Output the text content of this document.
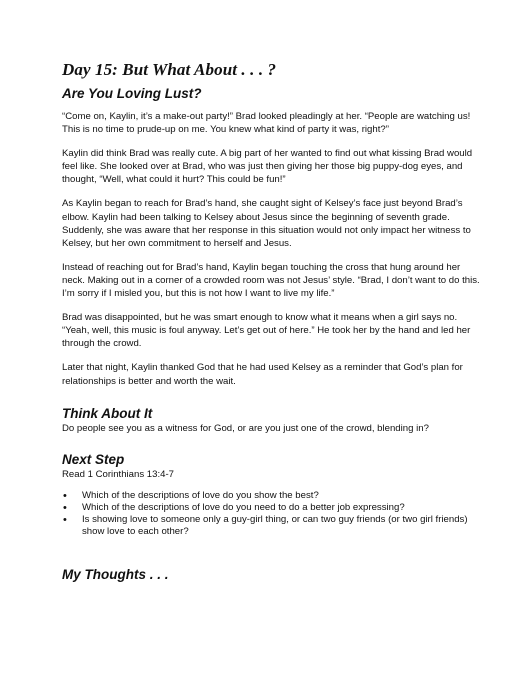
Day 15: But What About . . . ?
Are You Loving Lust?

“Come on, Kaylin, it’s a make-out party!” Brad looked pleadingly at her. “People are watching us! This is no time to prude-up on me. You knew what kind of party it was, right?”

Kaylin did think Brad was really cute. A big part of her wanted to find out what kissing Brad would feel like. She looked over at Brad, who was just then giving her those big puppy-dog eyes, and thought, “Well, what could it hurt? This could be fun!”

As Kaylin began to reach for Brad’s hand, she caught sight of Kelsey’s face just beyond Brad’s elbow. Kaylin had been talking to Kelsey about Jesus since the beginning of seventh grade. Suddenly, she was aware that her response in this situation would not only impact her witness to Kelsey, but her own commitment to herself and Jesus.

Instead of reaching out for Brad’s hand, Kaylin began touching the cross that hung around her neck. Making out in a corner of a crowded room was not Jesus’ style. “Brad, I don’t want to do this. I’m sorry if I misled you, but this is not how I want to live my life.”

Brad was disappointed, but he was smart enough to know what it means when a girl says no. “Yeah, well, this music is foul anyway. Let’s get out of here.” He took her by the hand and led her through the crowd.

Later that night, Kaylin thanked God that he had used Kelsey as a reminder that God’s plan for relationships is better and worth the wait.

Think About It

Do people see you as a witness for God, or are you just one of the crowd, blending in?

Next Step

Read 1 Corinthians 13:4-7

• Which of the descriptions of love do you show the best?
• Which of the descriptions of love do you need to do a better job expressing?
• Is showing love to someone only a guy-girl thing, or can two guy friends (or two girl friends) show love to each other?
My Thoughts . . .
